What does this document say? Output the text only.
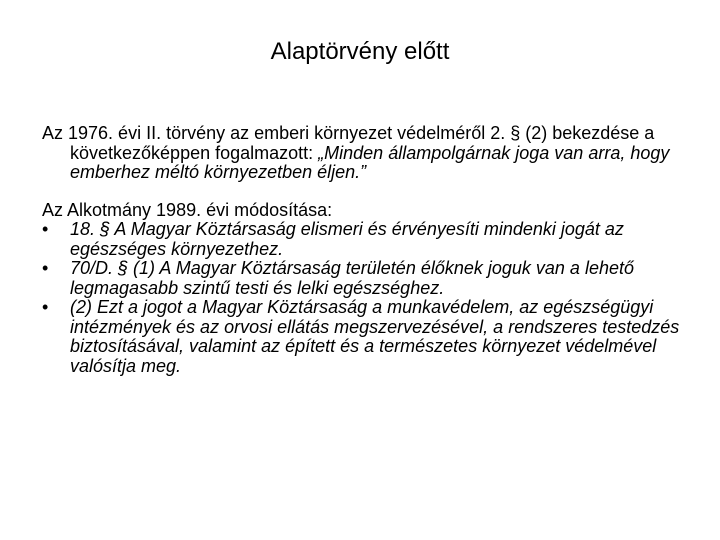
Alaptörvény előtt

Az 1976. évi II. törvény az emberi környezet védelméről 2. § (2) bekezdése a következőképpen fogalmazott: „Minden állampolgárnak joga van arra, hogy emberhez méltó környezetben éljen.”

Az Alkotmány 1989. évi módosítása:

• 18. § A Magyar Köztársaság elismeri és érvényesíti mindenki jogát az egészséges környezethez.
• 70/D. § (1) A Magyar Köztársaság területén élőknek joguk van a lehető legmagasabb szintű testi és lelki egészséghez.
• (2) Ezt a jogot a Magyar Köztársaság a munkavédelem, az egészségügyi intézmények és az orvosi ellátás megszervezésével, a rendszeres testedzés biztosításával, valamint az épített és a természetes környezet védelmével valósítja meg.
